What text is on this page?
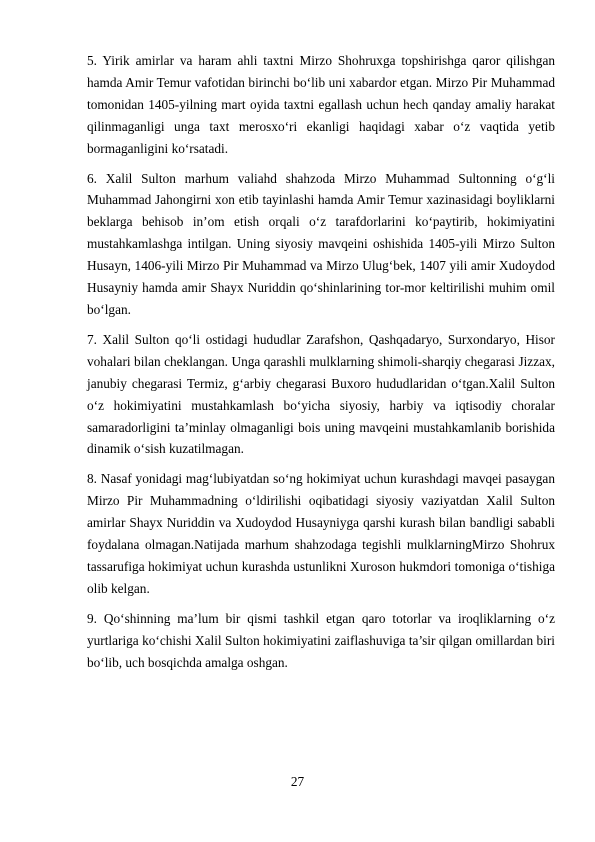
5. Yirik amirlar va haram ahli taxtni Mirzo Shohruxga topshirishga qaror qilishgan hamda Amir Temur vafotidan birinchi bo‘lib uni xabardor etgan. Mirzo Pir Muhammad tomonidan 1405-yilning mart oyida taxtni egallash uchun hech qanday amaliy harakat qilinmaganligi unga taxt merosxo‘ri ekanligi haqidagi xabar o‘z vaqtida yetib bormaganligini ko‘rsatadi.

6. Xalil Sulton marhum valiahd shahzoda Mirzo Muhammad Sultonning o‘g‘li Muhammad Jahongirni xon etib tayinlashi hamda Amir Temur xazinasidagi boyliklarni beklarga behisob in’om etish orqali o‘z tarafdorlarini ko‘paytirib, hokimiyatini mustahkamlashga intilgan. Uning siyosiy mavqeini oshishida 1405-yili Mirzo Sulton Husayn, 1406-yili Mirzo Pir Muhammad va Mirzo Ulug‘bek, 1407 yili amir Xudoydod Husayniy hamda amir Shayx Nuriddin qo‘shinlarining tor-mor keltirilishi muhim omil bo‘lgan.

7. Xalil Sulton qo‘li ostidagi hududlar Zarafshon, Qashqadaryo, Surxondaryo, Hisor vohalari bilan cheklangan. Unga qarashli mulklarning shimoli-sharqiy chegarasi Jizzax, janubiy chegarasi Termiz, g‘arbiy chegarasi Buxoro hududlaridan o‘tgan.Xalil Sulton o‘z hokimiyatini mustahkamlash bo‘yicha siyosiy, harbiy va iqtisodiy choralar samaradorligini ta’minlay olmaganligi bois uning mavqeini mustahkamlanib borishida dinamik o‘sish kuzatilmagan.

8. Nasaf yonidagi mag‘lubiyatdan so‘ng hokimiyat uchun kurashdagi mavqei pasaygan Mirzo Pir Muhammadning o‘ldirilishi oqibatidagi siyosiy vaziyatdan Xalil Sulton amirlar Shayx Nuriddin va Xudoydod Husayniyga qarshi kurash bilan bandligi sababli foydalana olmagan.Natijada marhum shahzodaga tegishli mulklarningMirzo Shohrux tassarufiga hokimiyat uchun kurashda ustunlikni Xuroson hukmdori tomoniga o‘tishiga olib kelgan.

9. Qo‘shinning ma’lum bir qismi tashkil etgan qaro totorlar va iroqliklarning o‘z yurtlariga ko‘chishi Xalil Sulton hokimiyatini zaiflashuviga ta’sir qilgan omillardan biri bo‘lib, uch bosqichda amalga oshgan.

27
